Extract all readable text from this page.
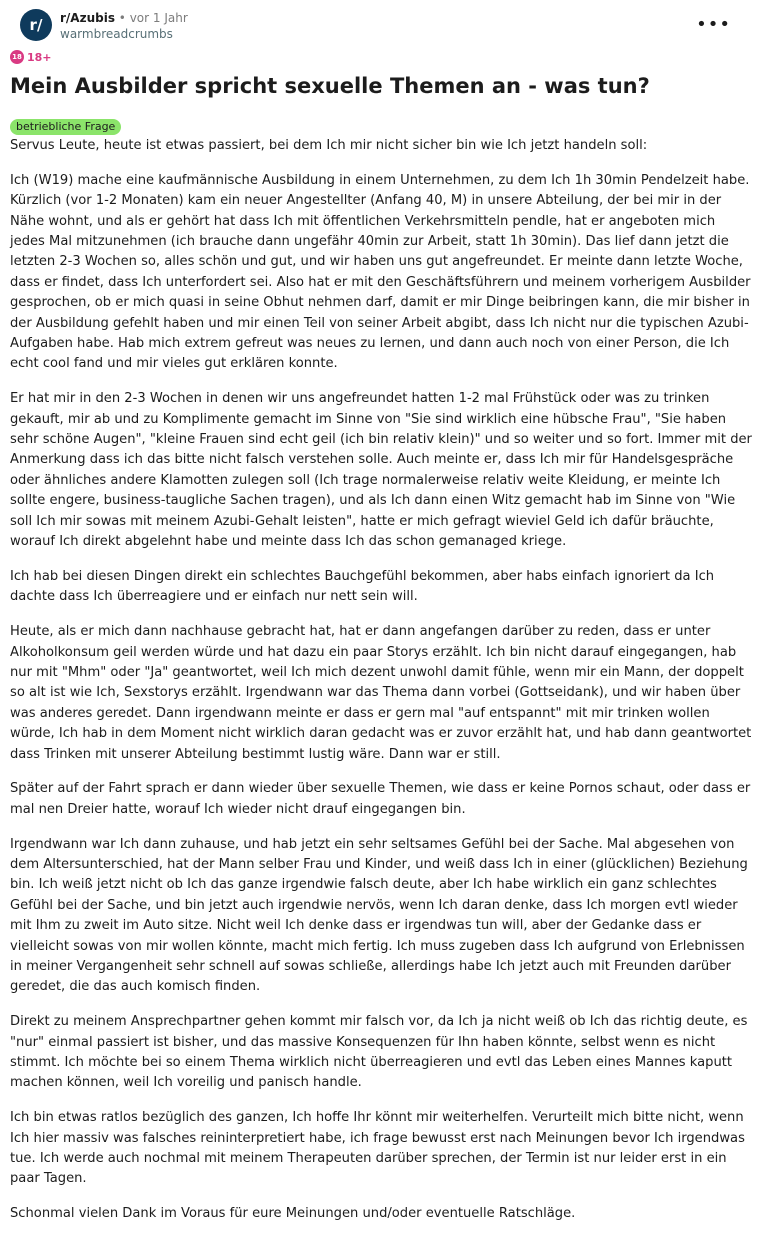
r/	r/Azubis • vor 1 Jahr
warmbreadcrumbs	•••
18 18+
Mein Ausbilder spricht sexuelle Themen an - was tun?
betriebliche Frage

Servus Leute, heute ist etwas passiert, bei dem Ich mir nicht sicher bin wie Ich jetzt handeln soll:

Ich (W19) mache eine kaufmännische Ausbildung in einem Unternehmen, zu dem Ich 1h 30min Pendelzeit habe. Kürzlich (vor 1-2 Monaten) kam ein neuer Angestellter (Anfang 40, M) in unsere Abteilung, der bei mir in der Nähe wohnt, und als er gehört hat dass Ich mit öffentlichen Verkehrsmitteln pendle, hat er angeboten mich jedes Mal mitzunehmen (ich brauche dann ungefähr 40min zur Arbeit, statt 1h 30min). Das lief dann jetzt die letzten 2-3 Wochen so, alles schön und gut, und wir haben uns gut angefreundet. Er meinte dann letzte Woche, dass er findet, dass Ich unterfordert sei. Also hat er mit den Geschäftsführern und meinem vorherigem Ausbilder gesprochen, ob er mich quasi in seine Obhut nehmen darf, damit er mir Dinge beibringen kann, die mir bisher in der Ausbildung gefehlt haben und mir einen Teil von seiner Arbeit abgibt, dass Ich nicht nur die typischen Azubi-Aufgaben habe. Hab mich extrem gefreut was neues zu lernen, und dann auch noch von einer Person, die Ich echt cool fand und mir vieles gut erklären konnte.

Er hat mir in den 2-3 Wochen in denen wir uns angefreundet hatten 1-2 mal Frühstück oder was zu trinken gekauft, mir ab und zu Komplimente gemacht im Sinne von "Sie sind wirklich eine hübsche Frau", "Sie haben sehr schöne Augen", "kleine Frauen sind echt geil (ich bin relativ klein)" und so weiter und so fort. Immer mit der Anmerkung dass ich das bitte nicht falsch verstehen solle. Auch meinte er, dass Ich mir für Handelsgespräche oder ähnliches andere Klamotten zulegen soll (Ich trage normalerweise relativ weite Kleidung, er meinte Ich sollte engere, business-taugliche Sachen tragen), und als Ich dann einen Witz gemacht hab im Sinne von "Wie soll Ich mir sowas mit meinem Azubi-Gehalt leisten", hatte er mich gefragt wieviel Geld ich dafür bräuchte, worauf Ich direkt abgelehnt habe und meinte dass Ich das schon gemanaged kriege.

Ich hab bei diesen Dingen direkt ein schlechtes Bauchgefühl bekommen, aber habs einfach ignoriert da Ich dachte dass Ich überreagiere und er einfach nur nett sein will.

Heute, als er mich dann nachhause gebracht hat, hat er dann angefangen darüber zu reden, dass er unter Alkoholkonsum geil werden würde und hat dazu ein paar Storys erzählt. Ich bin nicht darauf eingegangen, hab nur mit "Mhm" oder "Ja" geantwortet, weil Ich mich dezent unwohl damit fühle, wenn mir ein Mann, der doppelt so alt ist wie Ich, Sexstorys erzählt. Irgendwann war das Thema dann vorbei (Gottseidank), und wir haben über was anderes geredet. Dann irgendwann meinte er dass er gern mal "auf entspannt" mit mir trinken wollen würde, Ich hab in dem Moment nicht wirklich daran gedacht was er zuvor erzählt hat, und hab dann geantwortet dass Trinken mit unserer Abteilung bestimmt lustig wäre. Dann war er still.

Später auf der Fahrt sprach er dann wieder über sexuelle Themen, wie dass er keine Pornos schaut, oder dass er mal nen Dreier hatte, worauf Ich wieder nicht drauf eingegangen bin.

Irgendwann war Ich dann zuhause, und hab jetzt ein sehr seltsames Gefühl bei der Sache. Mal abgesehen von dem Altersunterschied, hat der Mann selber Frau und Kinder, und weiß dass Ich in einer (glücklichen) Beziehung bin. Ich weiß jetzt nicht ob Ich das ganze irgendwie falsch deute, aber Ich habe wirklich ein ganz schlechtes Gefühl bei der Sache, und bin jetzt auch irgendwie nervös, wenn Ich daran denke, dass Ich morgen evtl wieder mit Ihm zu zweit im Auto sitze. Nicht weil Ich denke dass er irgendwas tun will, aber der Gedanke dass er vielleicht sowas von mir wollen könnte, macht mich fertig. Ich muss zugeben dass Ich aufgrund von Erlebnissen in meiner Vergangenheit sehr schnell auf sowas schließe, allerdings habe Ich jetzt auch mit Freunden darüber geredet, die das auch komisch finden.

Direkt zu meinem Ansprechpartner gehen kommt mir falsch vor, da Ich ja nicht weiß ob Ich das richtig deute, es "nur" einmal passiert ist bisher, und das massive Konsequenzen für Ihn haben könnte, selbst wenn es nicht stimmt. Ich möchte bei so einem Thema wirklich nicht überreagieren und evtl das Leben eines Mannes kaputt machen können, weil Ich voreilig und panisch handle.

Ich bin etwas ratlos bezüglich des ganzen, Ich hoffe Ihr könnt mir weiterhelfen. Verurteilt mich bitte nicht, wenn Ich hier massiv was falsches reininterpretiert habe, ich frage bewusst erst nach Meinungen bevor Ich irgendwas tue. Ich werde auch nochmal mit meinem Therapeuten darüber sprechen, der Termin ist nur leider erst in ein paar Tagen.

Schonmal vielen Dank im Voraus für eure Meinungen und/oder eventuelle Ratschläge.
